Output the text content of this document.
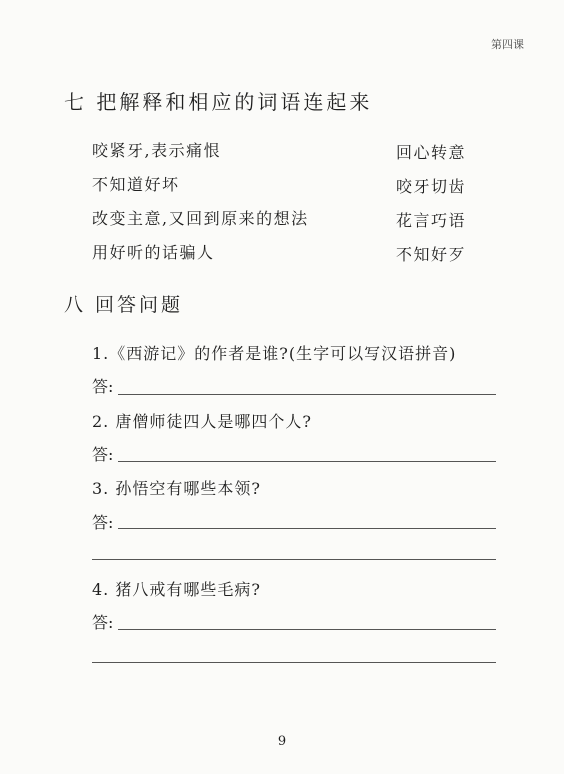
第四课
七 把解释和相应的词语连起来
咬紧牙,表示痛恨	回心转意
不知道好坏	咬牙切齿
改变主意,又回到原来的想法	花言巧语
用好听的话骗人	不知好歹
八 回答问题
1.《西游记》的作者是谁?(生字可以写汉语拼音)
答:
2. 唐僧师徒四人是哪四个人?
答:
3. 孙悟空有哪些本领?
答:
4. 猪八戒有哪些毛病?
答:
9
